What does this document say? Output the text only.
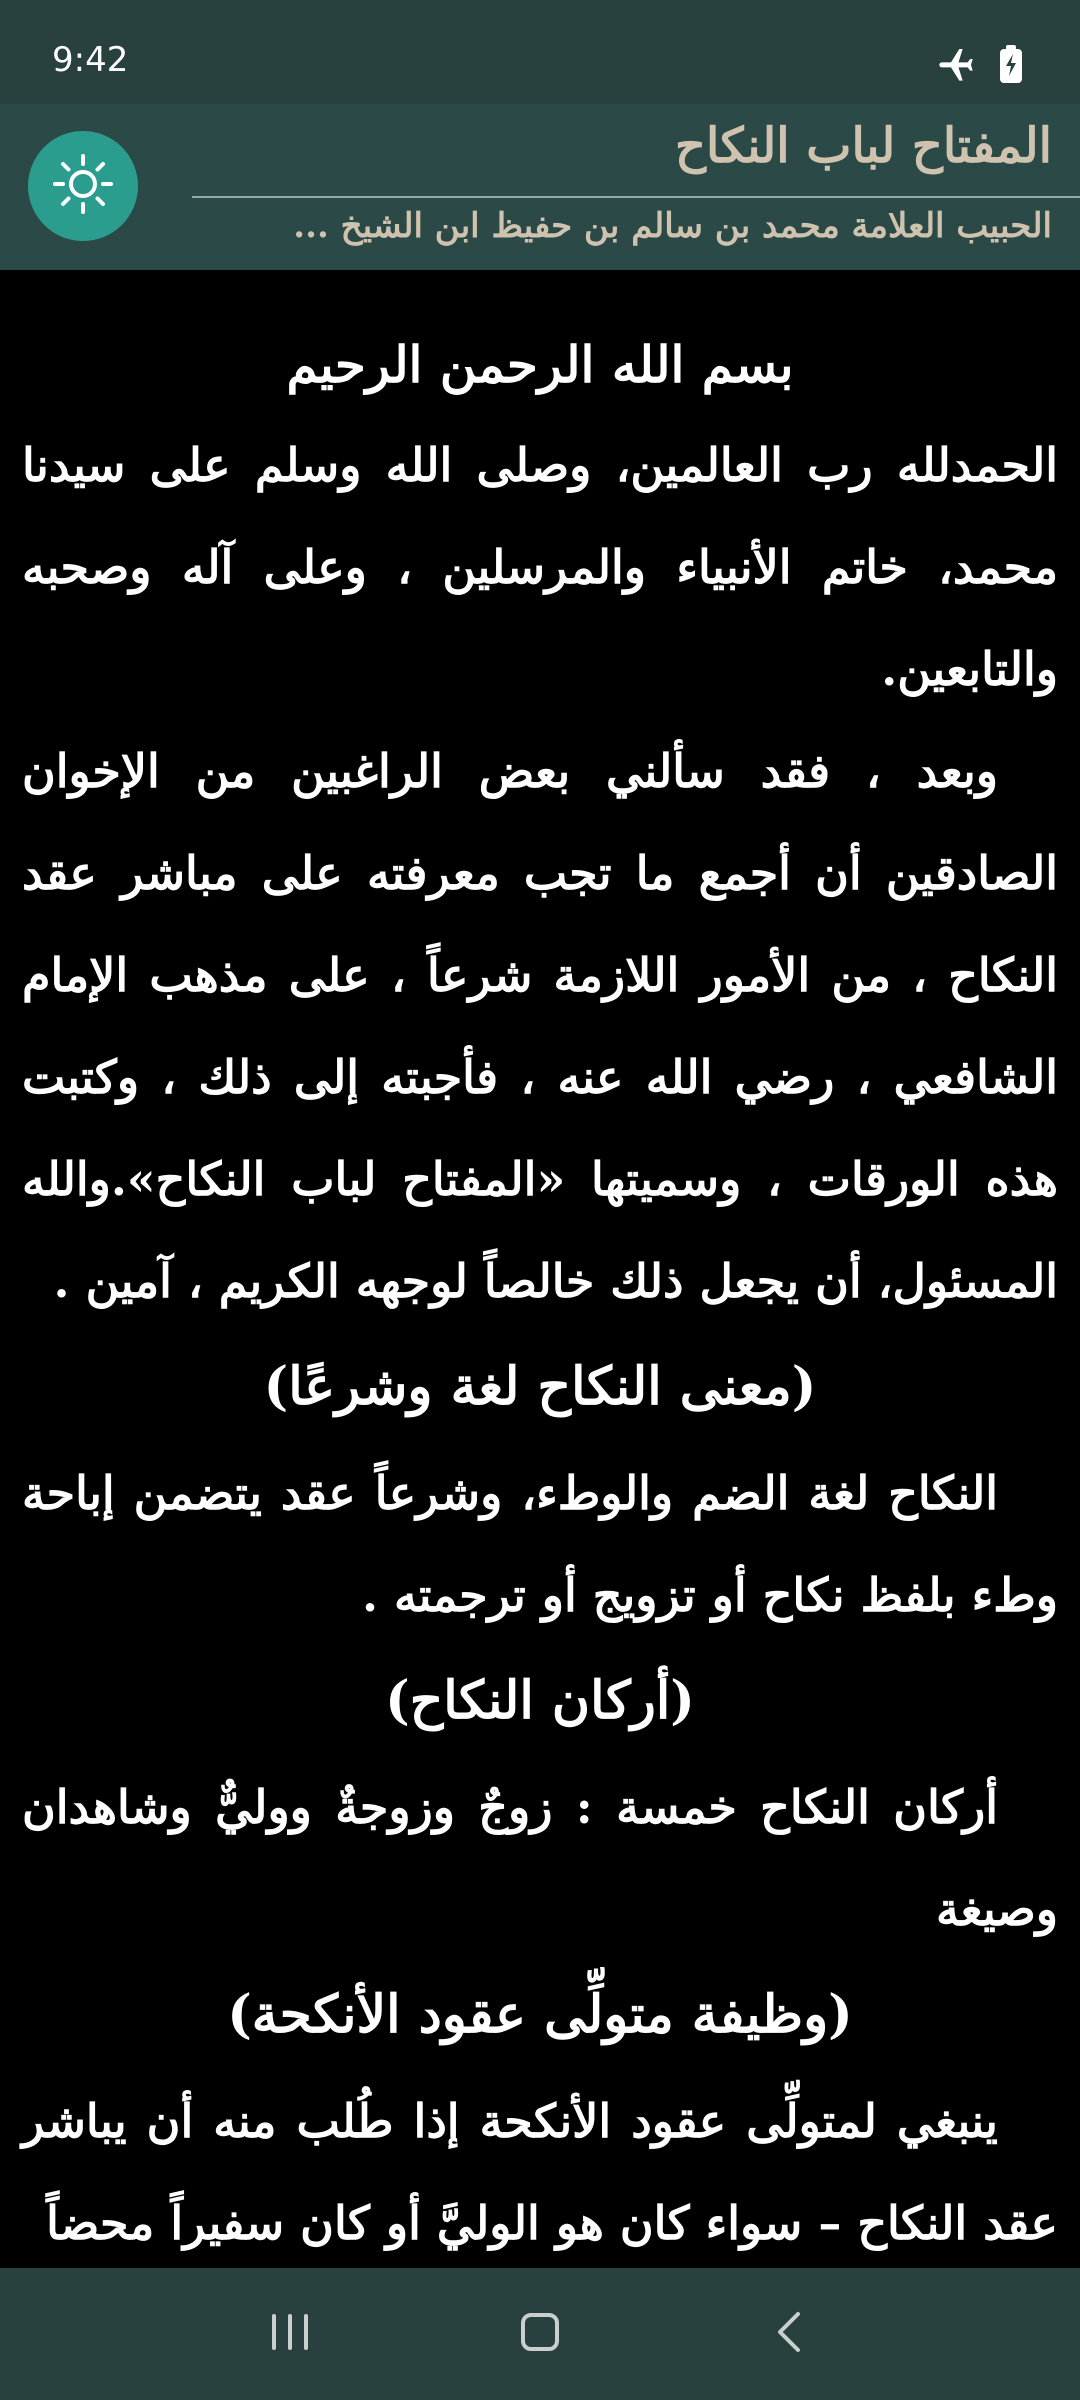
9:42
المفتاح لباب النكاح
الحبيب العلامة محمد بن سالم بن حفيظ ابن الشيخ ...

بسم الله الرحمن الرحيم

الحمدلله رب العالمين، وصلى الله وسلم على سيدنا محمد، خاتم الأنبياء والمرسلين ، وعلى آله وصحبه والتابعين.

وبعد ، فقد سألني بعض الراغبين من الإخوان الصادقين أن أجمع ما تجب معرفته على مباشر عقد النكاح ، من الأمور اللازمة شرعاً ، على مذهب الإمام الشافعي ، رضي الله عنه ، فأجبته إلى ذلك ، وكتبت هذه الورقات ، وسميتها «المفتاح لباب النكاح».والله المسئول، أن يجعل ذلك خالصاً لوجهه الكريم ، آمين .

(معنى النكاح لغة وشرعًا)

النكاح لغة الضم والوطء، وشرعاً عقد يتضمن إباحة وطء بلفظ نكاح أو تزويج أو ترجمته .

(أركان النكاح)

أركان النكاح خمسة : زوجٌ وزوجةٌ ووليٌّ وشاهدان وصيغة

(وظيفة متولِّى عقود الأنكحة)

ينبغي لمتولِّى عقود الأنكحة إذا طُلب منه أن يباشر عقد النكاح – سواء كان هو الوليَّ أو كان سفيراً محضاً
